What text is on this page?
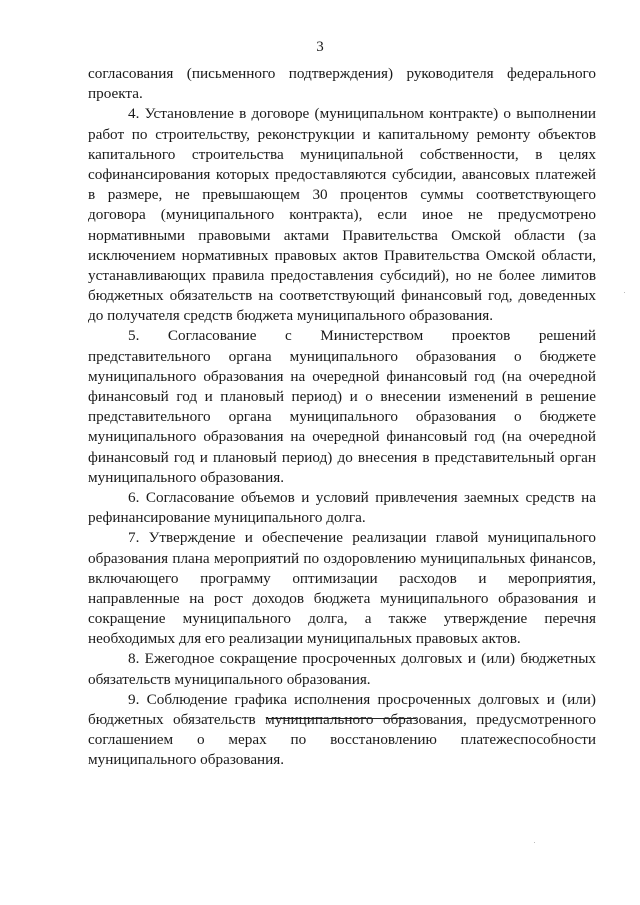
3
согласования (письменного подтверждения) руководителя федерального
проекта.
4. Установление в договоре (муниципальном контракте) о выполнении
работ по строительству, реконструкции и капитальному ремонту объектов
капитального строительства муниципальной собственности, в целях
софинансирования которых предоставляются субсидии, авансовых платежей
в размере, не превышающем 30 процентов суммы соответствующего
договора (муниципального контракта), если иное не предусмотрено
нормативными правовыми актами Правительства Омской области (за
исключением нормативных правовых актов Правительства Омской области,
устанавливающих правила предоставления субсидий), но не более лимитов
бюджетных обязательств на соответствующий финансовый год, доведенных
до получателя средств бюджета муниципального образования.
5. Согласование с Министерством проектов решений
представительного органа муниципального образования о бюджете
муниципального образования на очередной финансовый год (на очередной
финансовый год и плановый период) и о внесении изменений в решение
представительного органа муниципального образования о бюджете
муниципального образования на очередной финансовый год (на очередной
финансовый год и плановый период) до внесения в представительный орган
муниципального образования.
6. Согласование объемов и условий привлечения заемных средств на
рефинансирование муниципального долга.
7. Утверждение и обеспечение реализации главой муниципального
образования плана мероприятий по оздоровлению муниципальных финансов,
включающего программу оптимизации расходов и мероприятия,
направленные на рост доходов бюджета муниципального образования и
сокращение муниципального долга, а также утверждение перечня
необходимых для его реализации муниципальных правовых актов.
8. Ежегодное сокращение просроченных долговых и (или) бюджетных
обязательств муниципального образования.
9. Соблюдение графика исполнения просроченных долговых и (или)
бюджетных обязательств муниципального образования, предусмотренного
соглашением о мерах по восстановлению платежеспособности
муниципального образования.
